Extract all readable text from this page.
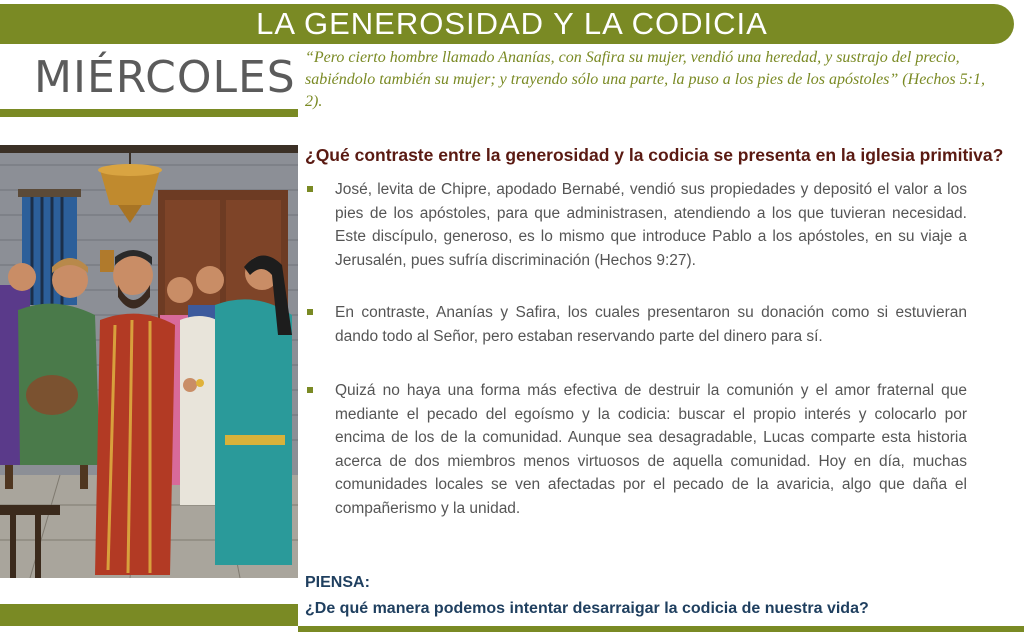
LA GENEROSIDAD Y LA CODICIA
MIÉRCOLES “Pero cierto hombre llamado Ananías, con Safira su mujer, vendió una heredad, y sustrajo del precio, sabiéndolo también su mujer; y trayendo sólo una parte, la puso a los pies de los apóstoles” (Hechos 5:1, 2).
¿Qué contraste entre la generosidad y la codicia se presenta en la iglesia primitiva?
José, levita de Chipre, apodado Bernabé, vendió sus propiedades y depositó el valor a los pies de los apóstoles, para que administrasen, atendiendo a los que tuvieran necesidad. Este discípulo, generoso, es lo mismo que introduce Pablo a los apóstoles, en su viaje a Jerusalén, pues sufría discriminación (Hechos 9:27).
En contraste, Ananías y Safira, los cuales presentaron su donación como si estuvieran dando todo al Señor, pero estaban reservando parte del dinero para sí.
Quizá no haya una forma más efectiva de destruir la comunión y el amor fraternal que mediante el pecado del egoísmo y la codicia: buscar el propio interés y colocarlo por encima de los de la comunidad. Aunque sea desagradable, Lucas comparte esta historia acerca de dos miembros menos virtuosos de aquella comunidad. Hoy en día, muchas comunidades locales se ven afectadas por el pecado de la avaricia, algo que daña el compañerismo y la unidad.
PIENSA:
¿De qué manera podemos intentar desarraigar la codicia de nuestra vida?
